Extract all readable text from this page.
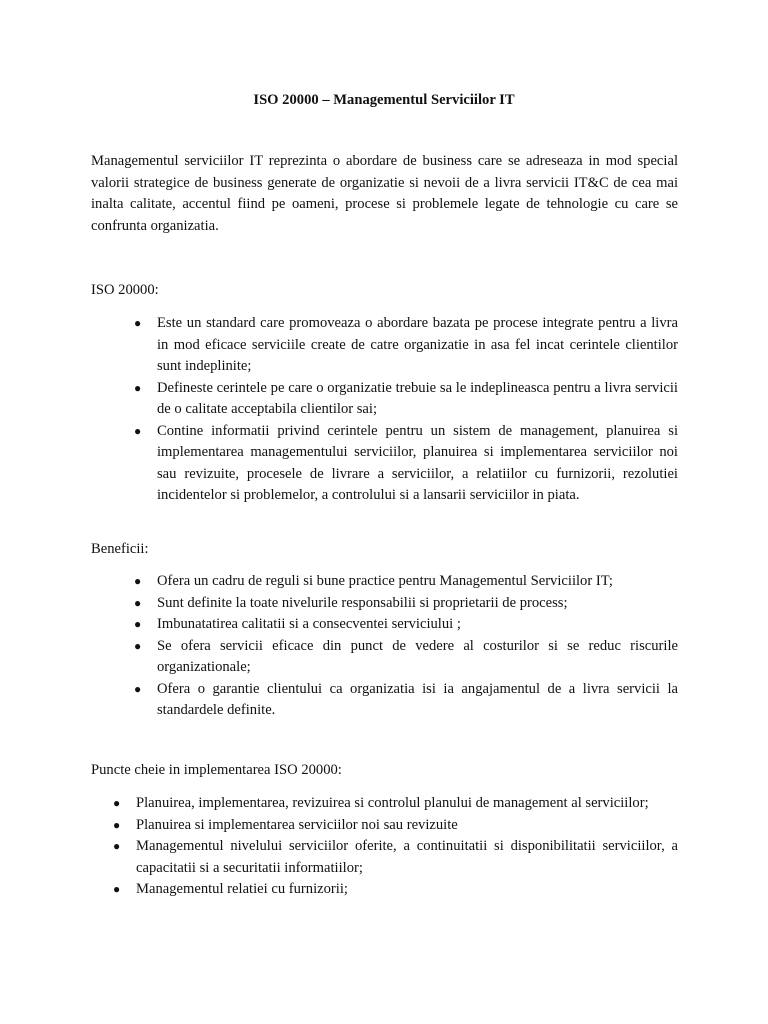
ISO 20000 – Managementul Serviciilor IT

Managementul serviciilor IT reprezinta o abordare de business care se adreseaza in mod special valorii strategice de business generate de organizatie si nevoii de a livra servicii IT&C de cea mai inalta calitate, accentul fiind pe oameni, procese si problemele legate de tehnologie cu care se confrunta organizatia.

ISO 20000:

● Este un standard care promoveaza o abordare bazata pe procese integrate pentru a livra in mod eficace serviciile create de catre organizatie in asa fel incat cerintele clientilor sunt indeplinite;
● Defineste cerintele pe care o organizatie trebuie sa le indeplineasca pentru a livra servicii de o calitate acceptabila clientilor sai;
● Contine informatii privind cerintele pentru un sistem de management, planuirea si implementarea managementului serviciilor, planuirea si implementarea serviciilor noi sau revizuite, procesele de livrare a serviciilor, a relatiilor cu furnizorii, rezolutiei incidentelor si problemelor, a controlului si a lansarii serviciilor in piata.

Beneficii:

● Ofera un cadru de reguli si bune practice pentru Managementul Serviciilor IT;
● Sunt definite la toate nivelurile responsabilii si proprietarii de process;
● Imbunatatirea calitatii si a consecventei serviciului ;
● Se ofera servicii eficace din punct de vedere al costurilor si se reduc riscurile organizationale;
● Ofera o garantie clientului ca organizatia isi ia angajamentul de a livra servicii la standardele definite.

Puncte cheie in implementarea ISO 20000:

● Planuirea, implementarea, revizuirea si controlul planului de management al serviciilor;
● Planuirea si implementarea serviciilor noi sau revizuite
● Managementul nivelului serviciilor oferite, a continuitatii si disponibilitatii serviciilor, a capacitatii si a securitatii informatiilor;
● Managementul relatiei cu furnizorii;
